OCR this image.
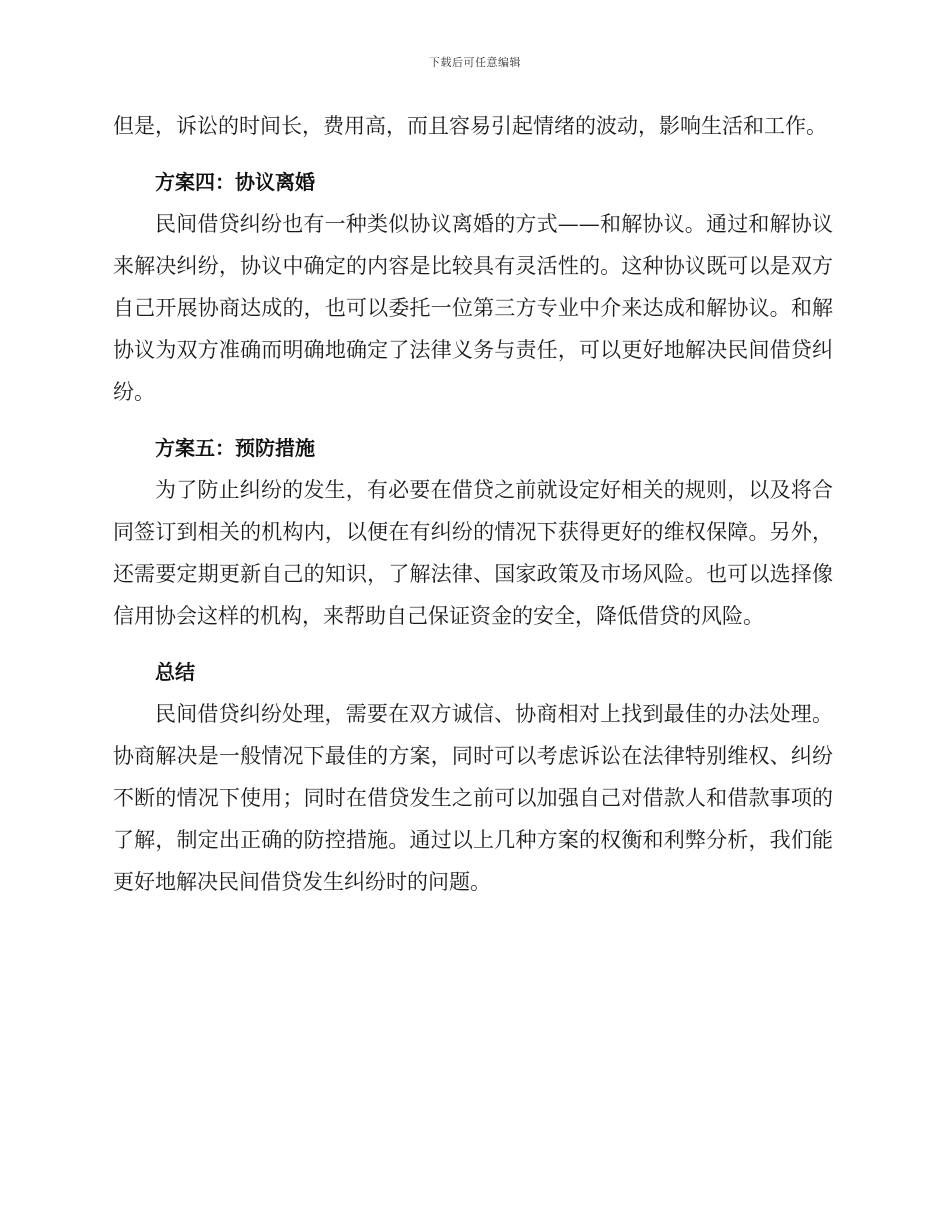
下载后可任意编辑

但是，诉讼的时间长，费用高，而且容易引起情绪的波动，影响生活和工作。

方案四：协议离婚

民间借贷纠纷也有一种类似协议离婚的方式——和解协议。通过和解协议来解决纠纷，协议中确定的内容是比较具有灵活性的。这种协议既可以是双方自己开展协商达成的，也可以委托一位第三方专业中介来达成和解协议。和解协议为双方准确而明确地确定了法律义务与责任，可以更好地解决民间借贷纠纷。

方案五：预防措施

为了防止纠纷的发生，有必要在借贷之前就设定好相关的规则，以及将合同签订到相关的机构内，以便在有纠纷的情况下获得更好的维权保障。另外，还需要定期更新自己的知识，了解法律、国家政策及市场风险。也可以选择像信用协会这样的机构，来帮助自己保证资金的安全，降低借贷的风险。

总结

民间借贷纠纷处理，需要在双方诚信、协商相对上找到最佳的办法处理。协商解决是一般情况下最佳的方案，同时可以考虑诉讼在法律特别维权、纠纷不断的情况下使用；同时在借贷发生之前可以加强自己对借款人和借款事项的了解，制定出正确的防控措施。通过以上几种方案的权衡和利弊分析，我们能更好地解决民间借贷发生纠纷时的问题。
